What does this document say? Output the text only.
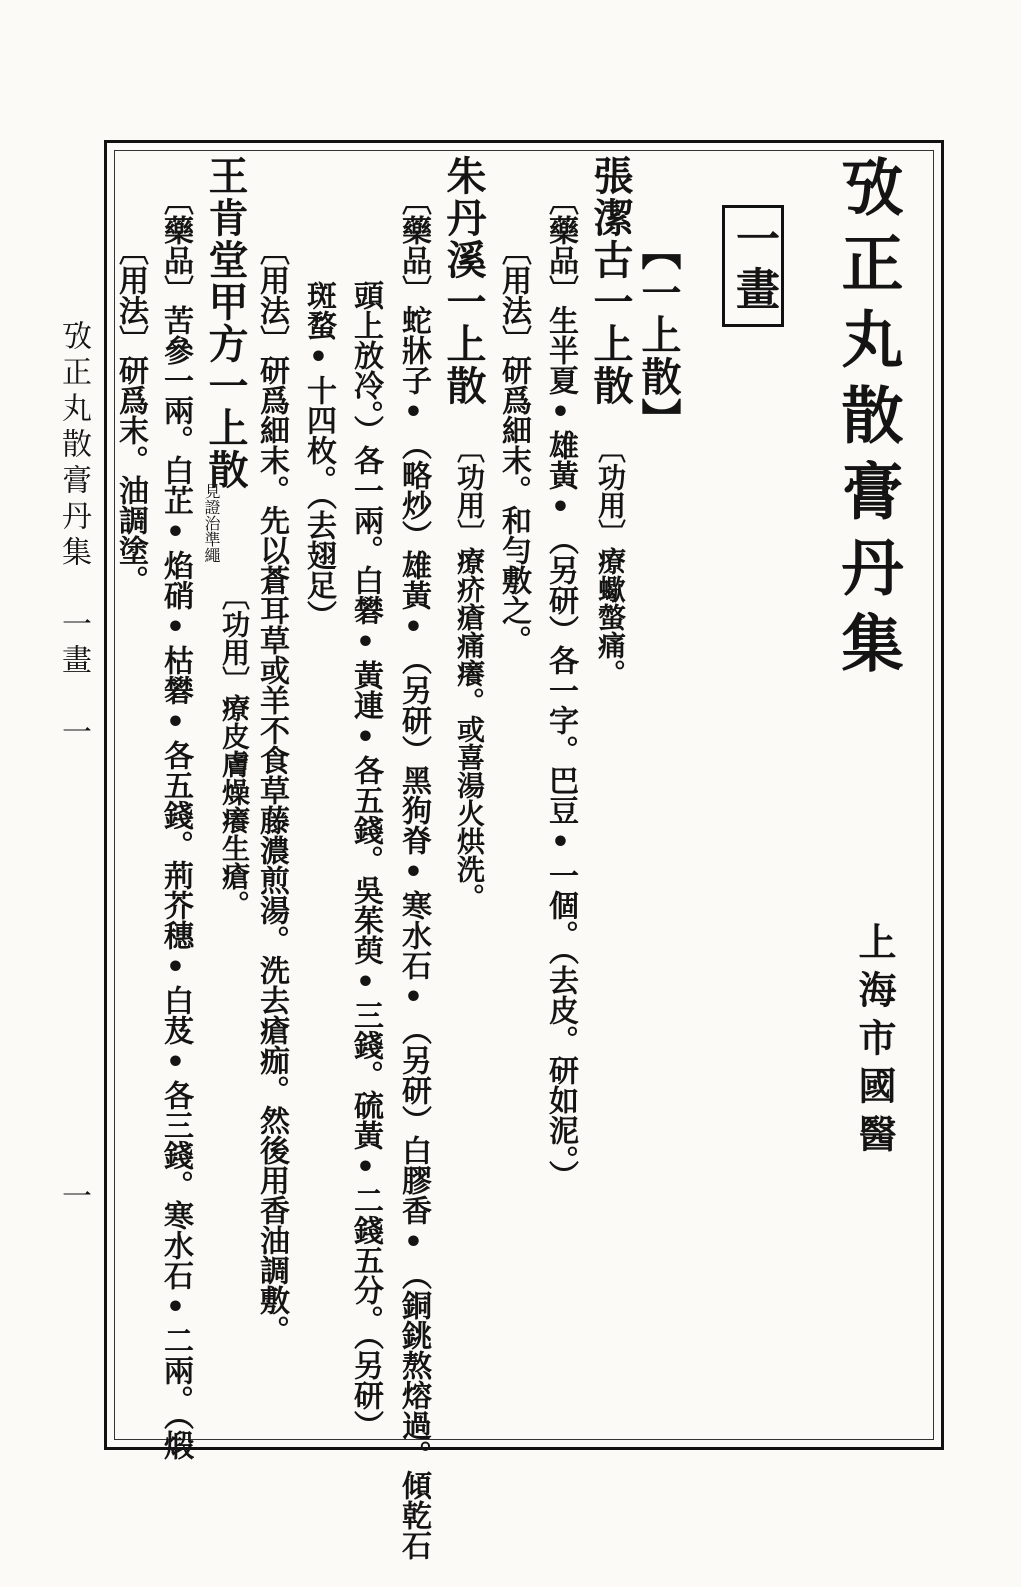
攷正丸散膏丹集
上海市國醫
一畫
【一上散】
張潔古一上散
〔功用〕療蠍螫痛。
〔藥品〕生半夏•雄黃•（另研）各一字。巴豆•一個。（去皮。研如泥。）
〔用法〕研爲細末。和勻敷之。
朱丹溪一上散
〔功用〕療疥瘡痛癢。或喜湯火烘洗。
〔藥品〕蛇牀子•（略炒）雄黃•（另研）黑狗脊•寒水石•（另研）白膠香•（銅銚熬熔過。傾乾石
頭上放冷。）各一兩。白礬•黃連•各五錢。吳茱萸•三錢。硫黃•二錢五分。（另研）
斑蝥•十四枚。（去翅足）
〔用法〕研爲細末。先以蒼耳草或羊不食草藤濃煎湯。洗去瘡痂。然後用香油調敷。
王肯堂甲方一上散
見證治準繩
〔功用〕療皮膚燥癢生瘡。
〔藥品〕苦參一兩。白芷•焰硝•枯礬•各五錢。荊芥穗•白芨•各三錢。寒水石•二兩。（煅
〔用法〕研爲末。油調塗。
攷正丸散膏丹集　一畫　一
一
